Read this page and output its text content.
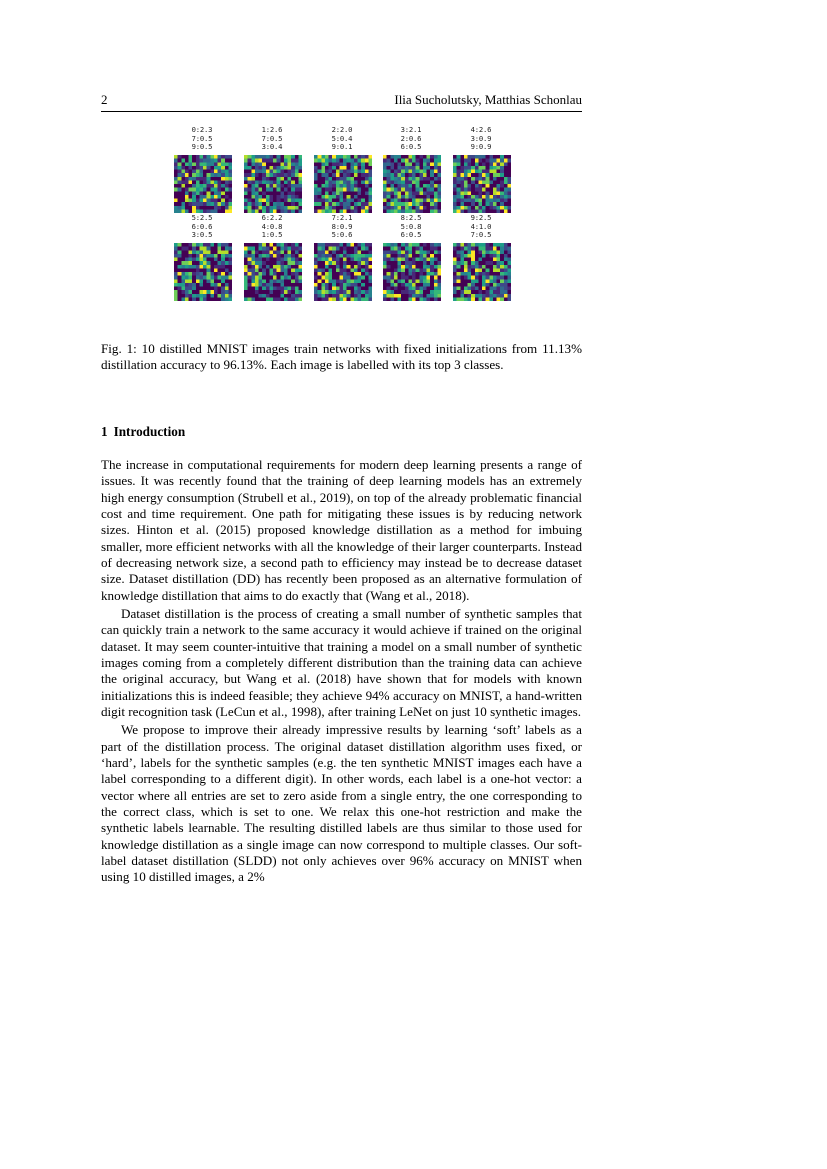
2	Ilia Sucholutsky, Matthias Schonlau
0:2.3
7:0.5
9:0.5
1:2.6
7:0.5
3:0.4
2:2.0
5:0.4
9:0.1
3:2.1
2:0.6
6:0.5
4:2.6
3:0.9
9:0.9
5:2.5
6:0.6
3:0.5
6:2.2
4:0.8
1:0.5
7:2.1
8:0.9
5:0.6
8:2.5
5:0.8
6:0.5
9:2.5
4:1.0
7:0.5
Fig. 1: 10 distilled MNIST images train networks with fixed initializations from 11.13% distillation accuracy to 96.13%. Each image is labelled with its top 3 classes.
1 Introduction

The increase in computational requirements for modern deep learning presents a range of issues. It was recently found that the training of deep learning models has an extremely high energy consumption (Strubell et al., 2019), on top of the already problematic financial cost and time requirement. One path for mitigating these issues is by reducing network sizes. Hinton et al. (2015) proposed knowledge distillation as a method for imbuing smaller, more efficient networks with all the knowledge of their larger counterparts. Instead of decreasing network size, a second path to efficiency may instead be to decrease dataset size. Dataset distillation (DD) has recently been proposed as an alternative formulation of knowledge distillation that aims to do exactly that (Wang et al., 2018).

Dataset distillation is the process of creating a small number of synthetic samples that can quickly train a network to the same accuracy it would achieve if trained on the original dataset. It may seem counter-intuitive that training a model on a small number of synthetic images coming from a completely different distribution than the training data can achieve the original accuracy, but Wang et al. (2018) have shown that for models with known initializations this is indeed feasible; they achieve 94% accuracy on MNIST, a hand-written digit recognition task (LeCun et al., 1998), after training LeNet on just 10 synthetic images.

We propose to improve their already impressive results by learning ‘soft’ labels as a part of the distillation process. The original dataset distillation algorithm uses fixed, or ‘hard’, labels for the synthetic samples (e.g. the ten synthetic MNIST images each have a label corresponding to a different digit). In other words, each label is a one-hot vector: a vector where all entries are set to zero aside from a single entry, the one corresponding to the correct class, which is set to one. We relax this one-hot restriction and make the synthetic labels learnable. The resulting distilled labels are thus similar to those used for knowledge distillation as a single image can now correspond to multiple classes. Our soft-label dataset distillation (SLDD) not only achieves over 96% accuracy on MNIST when using 10 distilled images, a 2%
